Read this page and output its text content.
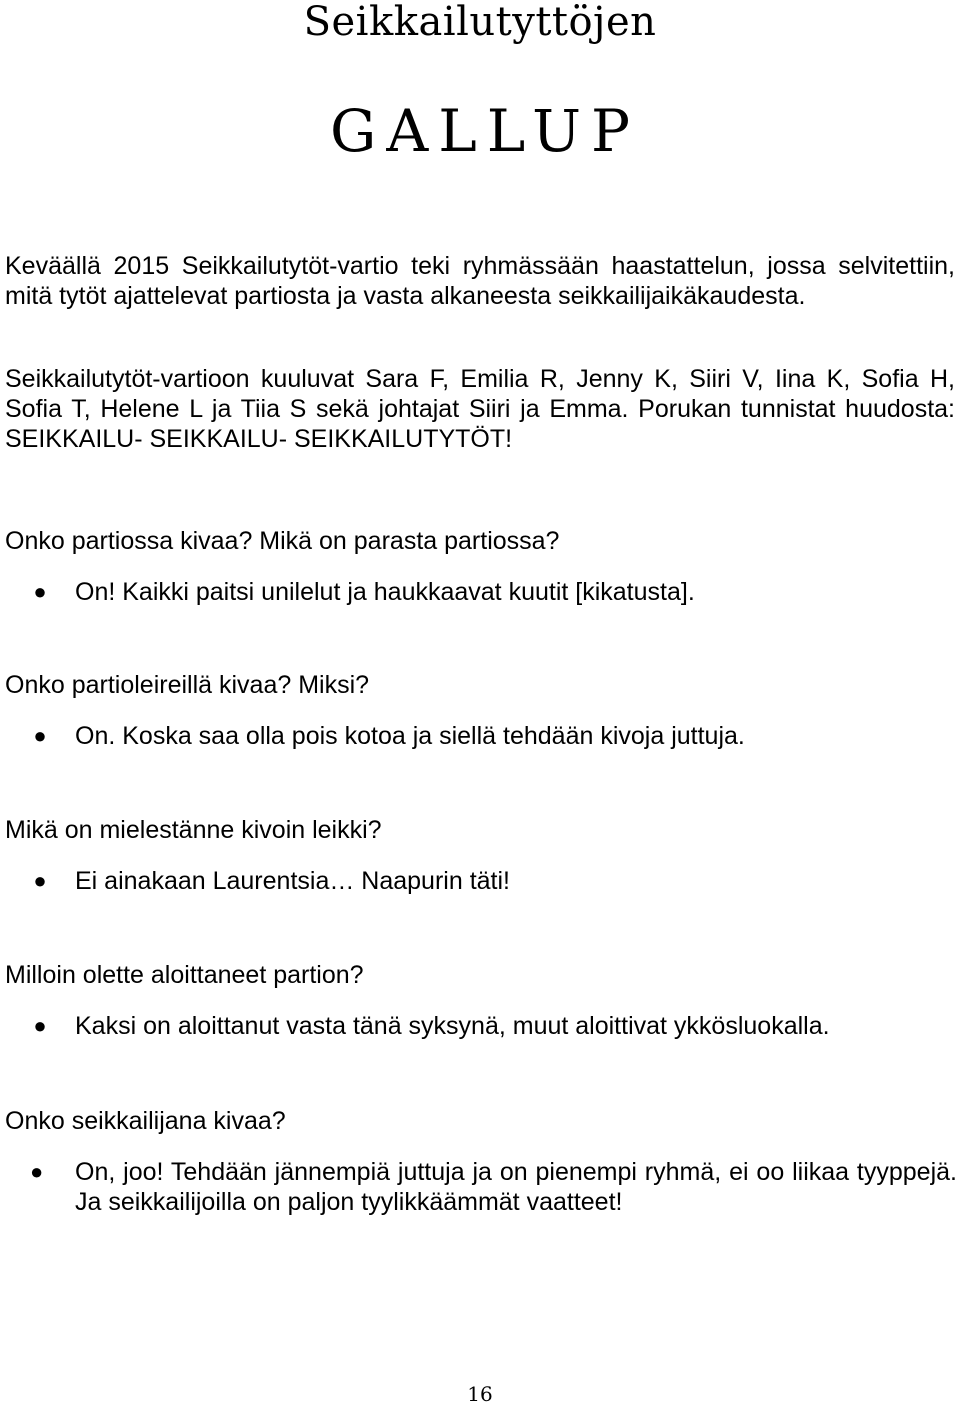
Seikkailutyttöjen
GALLUP

Keväällä 2015 Seikkailutytöt-vartio teki ryhmässään haastattelun, jossa selvitettiin, mitä tytöt ajattelevat partiosta ja vasta alkaneesta seikkailijaikäkaudesta.

Seikkailutytöt-vartioon kuuluvat Sara F, Emilia R, Jenny K, Siiri V, Iina K, Sofia H, Sofia T, Helene L ja Tiia S sekä johtajat Siiri ja Emma. Porukan tunnistat huudosta: SEIKKAILU- SEIKKAILU- SEIKKAILUTYTÖT!

Onko partiossa kivaa? Mikä on parasta partiossa?

● On! Kaikki paitsi unilelut ja haukkaavat kuutit [kikatusta].

Onko partioleireillä kivaa? Miksi?

● On. Koska saa olla pois kotoa ja siellä tehdään kivoja juttuja.

Mikä on mielestänne kivoin leikki?

● Ei ainakaan Laurentsia… Naapurin täti!

Milloin olette aloittaneet partion?

● Kaksi on aloittanut vasta tänä syksynä, muut aloittivat ykkösluokalla.

Onko seikkailijana kivaa?

● On, joo! Tehdään jännempiä juttuja ja on pienempi ryhmä, ei oo liikaa tyyppejä. Ja seikkailijoilla on paljon tyylikkäämmät vaatteet!

16
